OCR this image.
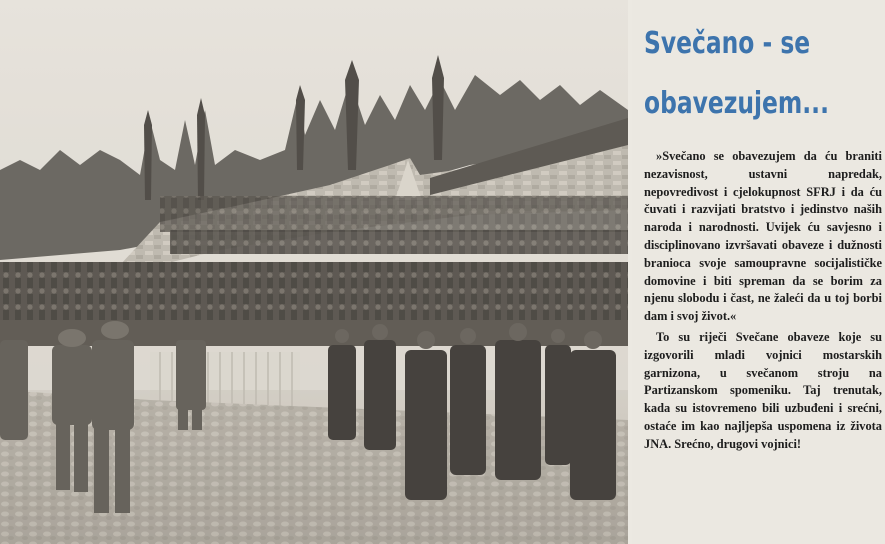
Svečano - se
obavezujem...

»Svečano se obavezujem da ću braniti nezavisnost, ustavni napredak, nepovredivost i cjelokupnost SFRJ i da ću čuvati i razvijati bratstvo i jedinstvo naših naroda i narodnosti. Uvijek ću savjesno i disciplinovano izvršavati obaveze i dužnosti branioca svoje samoupravne socijalističke domovine i biti spreman da se borim za njenu slobodu i čast, ne žaleći da u toj borbi dam i svoj život.«

To su riječi Svečane obaveze koje su izgovorili mladi vojnici mostarskih garnizona, u svečanom stroju na Partizanskom spomeniku. Taj trenutak, kada su istovremeno bili uzbuđeni i srećni, ostaće im kao najljepša uspomena iz života JNA. Srećno, drugovi vojnici!
